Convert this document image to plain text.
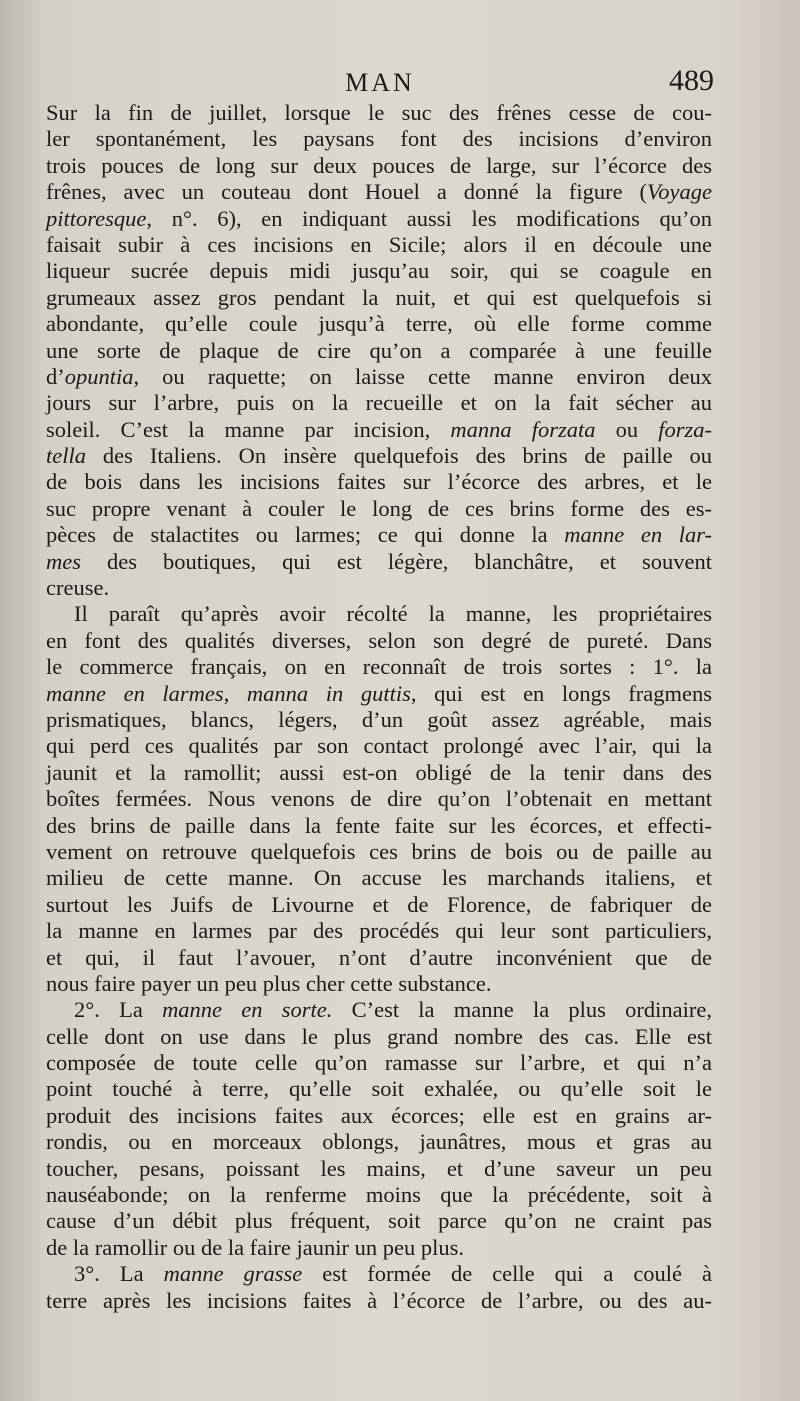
MAN	489
Sur la fin de juillet, lorsque le suc des frênes cesse de cou-
ler spontanément, les paysans font des incisions d’environ
trois pouces de long sur deux pouces de large, sur l’écorce des
frênes, avec un couteau dont Houel a donné la figure (Voyage
pittoresque, n°. 6), en indiquant aussi les modifications qu’on
faisait subir à ces incisions en Sicile; alors il en découle une
liqueur sucrée depuis midi jusqu’au soir, qui se coagule en
grumeaux assez gros pendant la nuit, et qui est quelquefois si
abondante, qu’elle coule jusqu’à terre, où elle forme comme
une sorte de plaque de cire qu’on a comparée à une feuille
d’opuntia, ou raquette; on laisse cette manne environ deux
jours sur l’arbre, puis on la recueille et on la fait sécher au
soleil. C’est la manne par incision, manna forzata ou forza-
tella des Italiens. On insère quelquefois des brins de paille ou
de bois dans les incisions faites sur l’écorce des arbres, et le
suc propre venant à couler le long de ces brins forme des es-
pèces de stalactites ou larmes; ce qui donne la manne en lar-
mes des boutiques, qui est légère, blanchâtre, et souvent
creuse.
Il paraît qu’après avoir récolté la manne, les propriétaires
en font des qualités diverses, selon son degré de pureté. Dans
le commerce français, on en reconnaît de trois sortes : 1°. la
manne en larmes, manna in guttis, qui est en longs fragmens
prismatiques, blancs, légers, d’un goût assez agréable, mais
qui perd ces qualités par son contact prolongé avec l’air, qui la
jaunit et la ramollit; aussi est-on obligé de la tenir dans des
boîtes fermées. Nous venons de dire qu’on l’obtenait en mettant
des brins de paille dans la fente faite sur les écorces, et effecti-
vement on retrouve quelquefois ces brins de bois ou de paille au
milieu de cette manne. On accuse les marchands italiens, et
surtout les Juifs de Livourne et de Florence, de fabriquer de
la manne en larmes par des procédés qui leur sont particuliers,
et qui, il faut l’avouer, n’ont d’autre inconvénient que de
nous faire payer un peu plus cher cette substance.
2°. La manne en sorte. C’est la manne la plus ordinaire,
celle dont on use dans le plus grand nombre des cas. Elle est
composée de toute celle qu’on ramasse sur l’arbre, et qui n’a
point touché à terre, qu’elle soit exhalée, ou qu’elle soit le
produit des incisions faites aux écorces; elle est en grains ar-
rondis, ou en morceaux oblongs, jaunâtres, mous et gras au
toucher, pesans, poissant les mains, et d’une saveur un peu
nauséabonde; on la renferme moins que la précédente, soit à
cause d’un débit plus fréquent, soit parce qu’on ne craint pas
de la ramollir ou de la faire jaunir un peu plus.
3°. La manne grasse est formée de celle qui a coulé à
terre après les incisions faites à l’écorce de l’arbre, ou des au-
